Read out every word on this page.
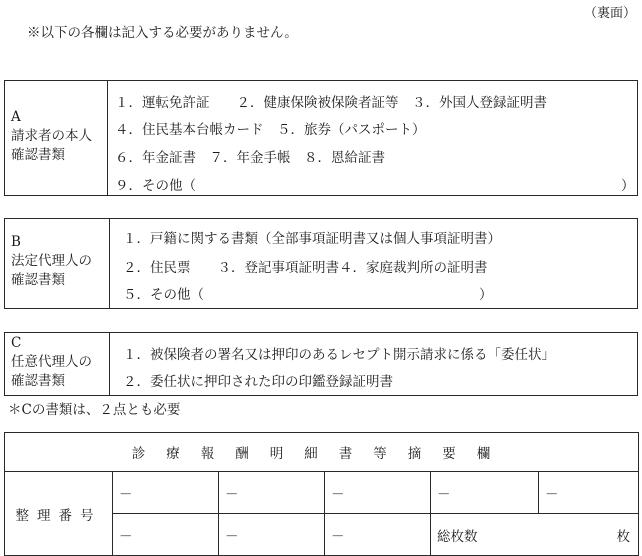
（裏面）
※以下の各欄は記入する必要がありません。
A
請求者の本人
確認書類
１．運転免許証　　２．健康保険被保険者証等　３．外国人登録証明書
４．住民基本台帳カード　５．旅券（パスポート）
６．年金証書　７．年金手帳　８．恩給証書
９．その他（	）
B
法定代理人の
確認書類
１．戸籍に関する書類（全部事項証明書又は個人事項証明書）
２．住民票　　３．登記事項証明書４．家庭裁判所の証明書
５．その他（	）
C
任意代理人の
確認書類
１．被保険者の署名又は押印のあるレセプト開示請求に係る「委任状」
２．委任状に押印された印の印鑑登録証明書
＊Cの書類は、２点とも必要
診療報酬明細書等摘要欄					
整理番号	－	－	－	－	－
	－	－	－	総枚数 枚	
